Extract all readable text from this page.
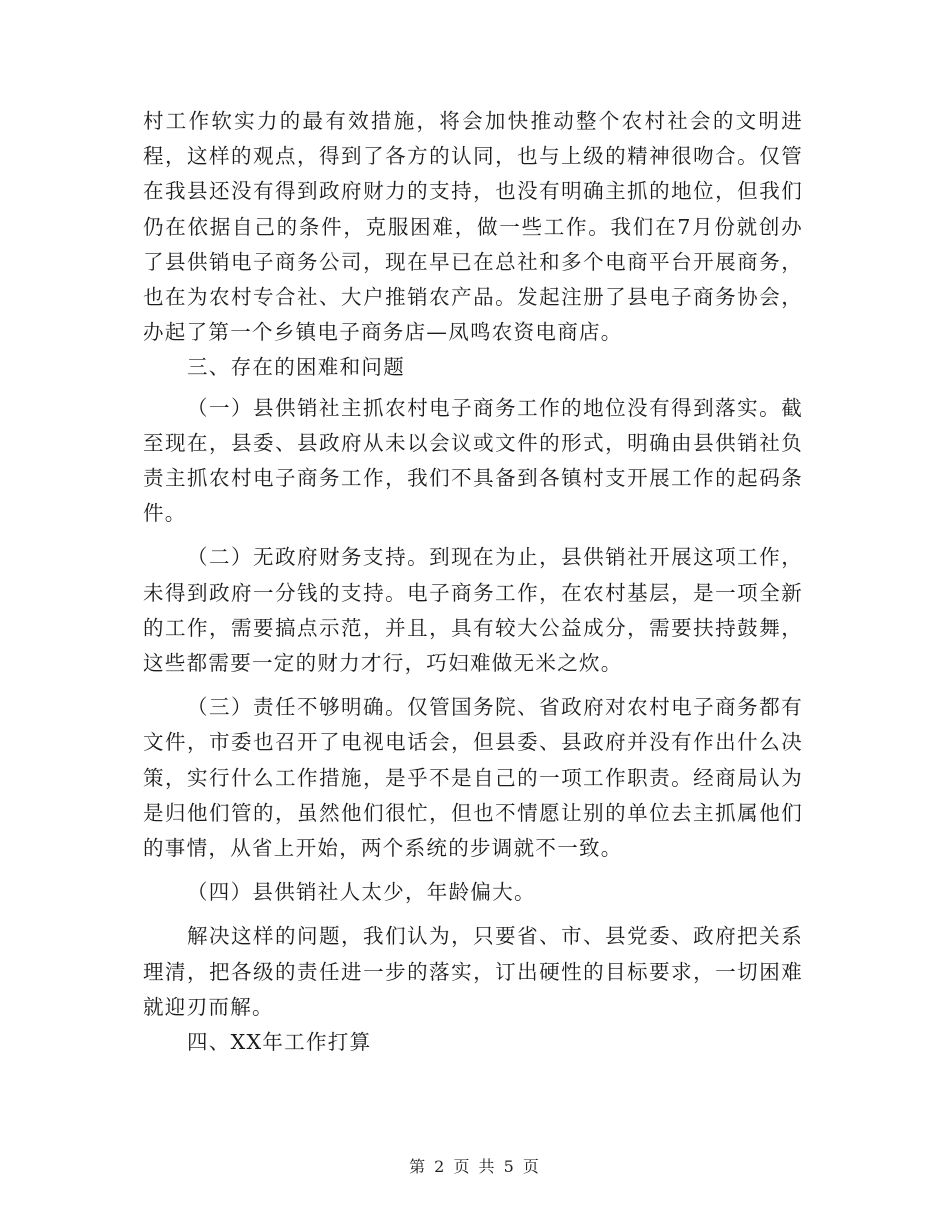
村工作软实力的最有效措施，将会加快推动整个农村社会的文明进程，这样的观点，得到了各方的认同，也与上级的精神很吻合。仅管在我县还没有得到政府财力的支持，也没有明确主抓的地位，但我们仍在依据自己的条件，克服困难，做一些工作。我们在7月份就创办了县供销电子商务公司，现在早已在总社和多个电商平台开展商务，也在为农村专合社、大户推销农产品。发起注册了县电子商务协会，办起了第一个乡镇电子商务店—凤鸣农资电商店。

三、存在的困难和问题

（一）县供销社主抓农村电子商务工作的地位没有得到落实。截至现在，县委、县政府从未以会议或文件的形式，明确由县供销社负责主抓农村电子商务工作，我们不具备到各镇村支开展工作的起码条件。

（二）无政府财务支持。到现在为止，县供销社开展这项工作，未得到政府一分钱的支持。电子商务工作，在农村基层，是一项全新的工作，需要搞点示范，并且，具有较大公益成分，需要扶持鼓舞，这些都需要一定的财力才行，巧妇难做无米之炊。

（三）责任不够明确。仅管国务院、省政府对农村电子商务都有文件，市委也召开了电视电话会，但县委、县政府并没有作出什么决策，实行什么工作措施，是乎不是自己的一项工作职责。经商局认为是归他们管的，虽然他们很忙，但也不情愿让别的单位去主抓属他们的事情，从省上开始，两个系统的步调就不一致。

（四）县供销社人太少，年龄偏大。

解决这样的问题，我们认为，只要省、市、县党委、政府把关系理清，把各级的责任进一步的落实，订出硬性的目标要求，一切困难就迎刃而解。

四、XX年工作打算

第 2 页 共 5 页
